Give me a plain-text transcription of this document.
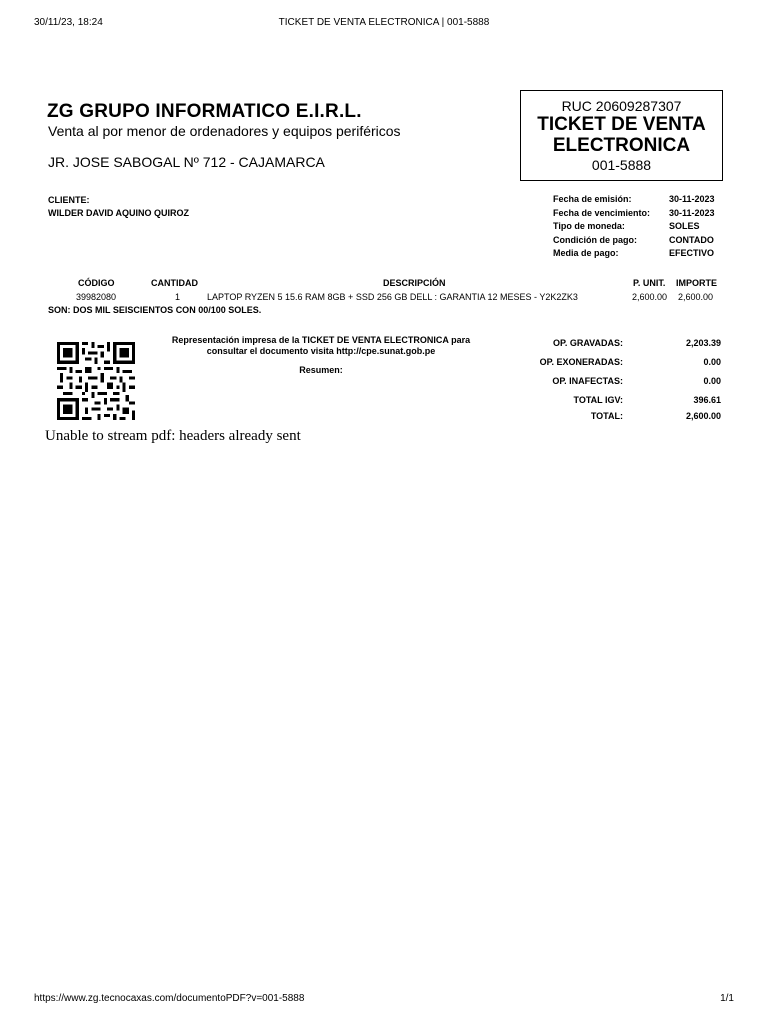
30/11/23, 18:24	TICKET DE VENTA ELECTRONICA | 001-5888
ZG GRUPO INFORMATICO E.I.R.L.
Venta al por menor de ordenadores y equipos periféricos
JR. JOSE SABOGAL Nº 712 - CAJAMARCA
RUC 20609287307
TICKET DE VENTA
ELECTRONICA
001-5888
CLIENTE:
WILDER DAVID AQUINO QUIROZ
Fecha de emisión:	30-11-2023
Fecha de vencimiento: 30-11-2023
Tipo de moneda:	SOLES
Condición de pago:	CONTADO
Media de pago:	EFECTIVO
CÓDIGO	CANTIDAD	DESCRIPCIÓN	P. UNIT. IMPORTE
39982080	1	LAPTOP RYZEN 5 15.6 RAM 8GB + SSD 256 GB DELL : GARANTIA 12 MESES - Y2K2ZK3	2,600.00 2,600.00
SON: DOS MIL SEISCIENTOS CON 00/100 SOLES.
Representación impresa de la TICKET DE VENTA ELECTRONICA para
consultar el documento visita http://cpe.sunat.gob.pe
Resumen:
OP. GRAVADAS:	2,203.39
OP. EXONERADAS:	0.00
OP. INAFECTAS:	0.00
TOTAL IGV:	396.61
TOTAL:	2,600.00
Unable to stream pdf: headers already sent
https://www.zg.tecnocaxas.com/documentoPDF?v=001-5888	1/1
